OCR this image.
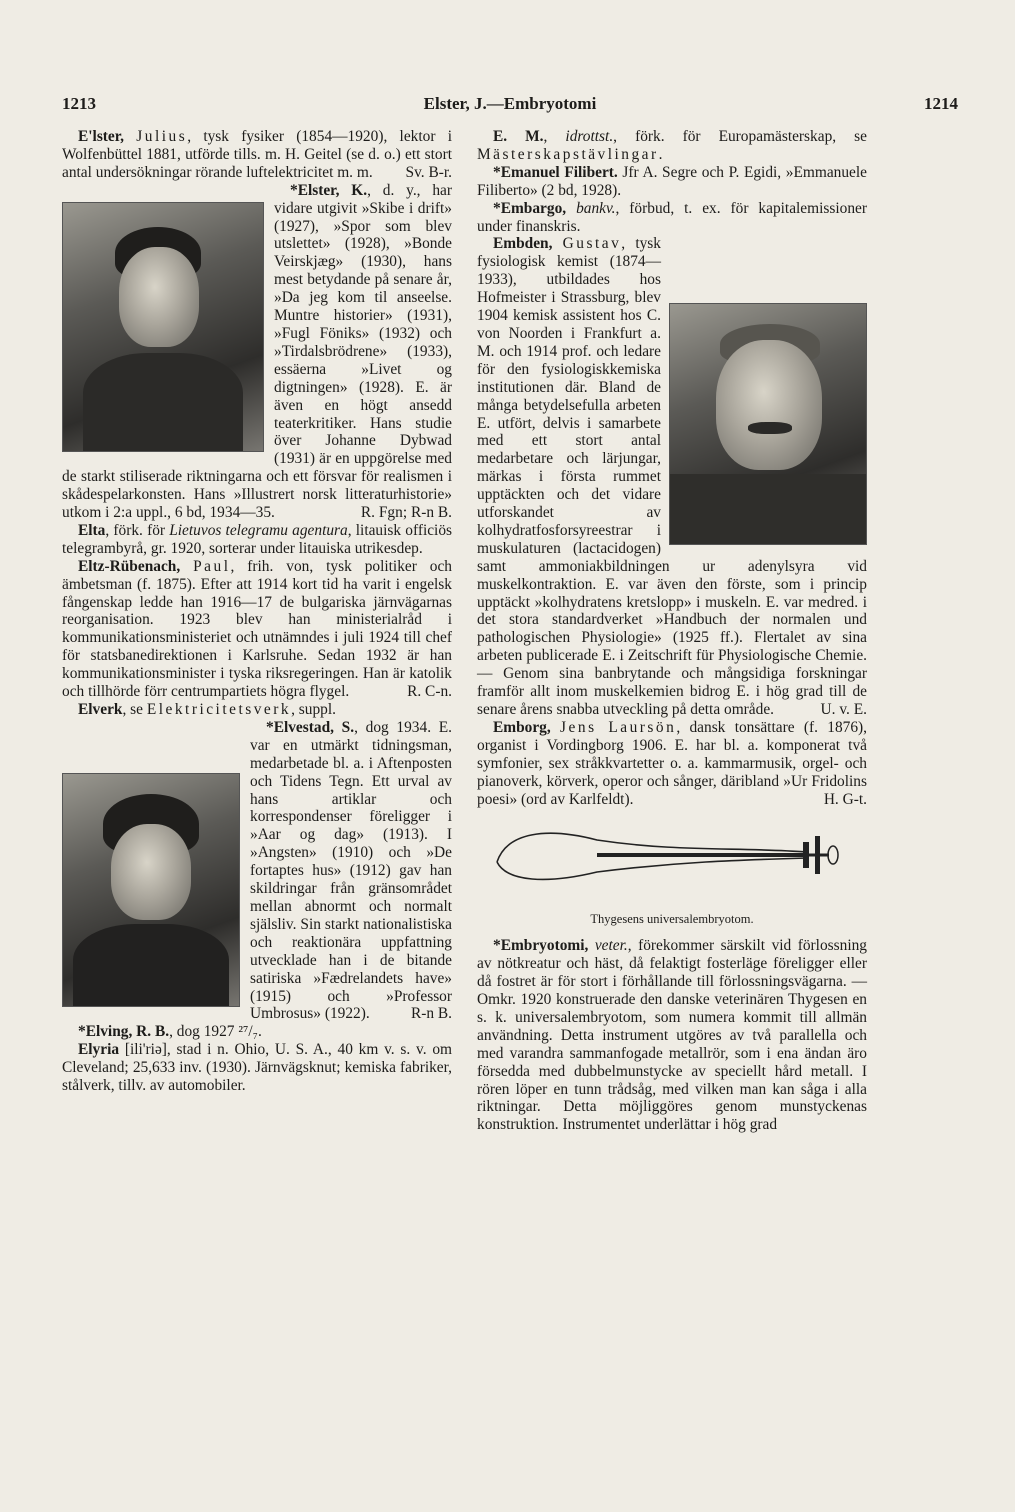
1213	Elster, J.—Embryotomi	1214

E'lster, Julius, tysk fysiker (1854—1920), lektor i Wolfenbüttel 1881, utförde tills. m. H. Geitel (se d. o.) ett stort antal undersökningar rörande luftelektricitet m. m.	Sv. B-r.

*Elster, K., d. y., har vidare utgivit »Skibe i drift» (1927), »Spor som blev utslettet» (1928), »Bonde Veirskjæg» (1930), hans mest betydande på senare år, »Da jeg kom til anseelse. Muntre historier» (1931), »Fugl Föniks» (1932) och »Tirdalsbrödrene» (1933), essäerna »Livet og digtningen» (1928). E. är även en högt ansedd teaterkritiker. Hans studie över Johanne Dybwad (1931) är en uppgörelse med de starkt stiliserade riktningarna och ett försvar för realismen i skådespelarkonsten. Hans »Illustrert norsk litteraturhistorie» utkom i 2:a uppl., 6 bd, 1934—35.	R. Fgn; R-n B.

Elta, förk. för Lietuvos telegramu agentura, litauisk officiös telegrambyrå, gr. 1920, sorterar under litauiska utrikesdep.

Eltz-Rübenach, Paul, frih. von, tysk politiker och ämbetsman (f. 1875). Efter att 1914 kort tid ha varit i engelsk fångenskap ledde han 1916—17 de bulgariska järnvägarnas reorganisation. 1923 blev han ministerialråd i kommunikationsministeriet och utnämndes i juli 1924 till chef för statsbanedirektionen i Karlsruhe. Sedan 1932 är han kommunikationsminister i tyska riksregeringen. Han är katolik och tillhörde förr centrumpartiets högra flygel.	R. C-n.

Elverk, se Elektricitetsverk, suppl.

*Elvestad, S., dog 1934. E. var en utmärkt tidningsman, medarbetade bl. a. i Aftenposten och Tidens Tegn. Ett urval av hans artiklar och korrespondenser föreligger i »Aar og dag» (1913). I »Angsten» (1910) och »De fortaptes hus» (1912) gav han skildringar från gränsområdet mellan abnormt och normalt själsliv. Sin starkt nationalistiska och reaktionära uppfattning utvecklade han i de bitande satiriska »Fædrelandets have» (1915) och »Professor Umbrosus» (1922).	R-n B.

*Elving, R. B., dog 1927 ²⁷/₇.

Elyria [ili'riə], stad i n. Ohio, U. S. A., 40 km v. s. v. om Cleveland; 25,633 inv. (1930). Järnvägsknut; kemiska fabriker, stålverk, tillv. av automobiler.

E. M., idrottst., förk. för Europamästerskap, se Mästerskapstävlingar.

*Emanuel Filibert. Jfr A. Segre och P. Egidi, »Emmanuele Filiberto» (2 bd, 1928).

*Embargo, bankv., förbud, t. ex. för kapitalemissioner under finanskris.

Embden, Gustav, tysk fysiologisk kemist (1874—1933), utbildades hos Hofmeister i Strassburg, blev 1904 kemisk assistent hos C. von Noorden i Frankfurt a. M. och 1914 prof. och ledare för den fysiologiskkemiska institutionen där. Bland de många betydelsefulla arbeten E. utfört, delvis i samarbete med ett stort antal medarbetare och lärjungar, märkas i första rummet upptäckten och det vidare utforskandet av kolhydratfosforsyreestrar i muskulaturen (lactacidogen) samt ammoniakbildningen ur adenylsyra vid muskelkontraktion. E. var även den förste, som i princip upptäckt »kolhydratens kretslopp» i muskeln. E. var medred. i det stora standardverket »Handbuch der normalen und pathologischen Physiologie» (1925 ff.). Flertalet av sina arbeten publicerade E. i Zeitschrift für Physiologische Chemie. — Genom sina banbrytande och mångsidiga forskningar framför allt inom muskelkemien bidrog E. i hög grad till de senare årens snabba utveckling på detta område.	U. v. E.

Emborg, Jens Laursön, dansk tonsättare (f. 1876), organist i Vordingborg 1906. E. har bl. a. komponerat två symfonier, sex stråkkvartetter o. a. kammarmusik, orgel- och pianoverk, körverk, operor och sånger, däribland »Ur Fridolins poesi» (ord av Karlfeldt).	H. G-t.

Thygesens universalembryotom.

*Embryotomi, veter., förekommer särskilt vid förlossning av nötkreatur och häst, då felaktigt fosterläge föreligger eller då fostret är för stort i förhållande till förlossningsvägarna. — Omkr. 1920 konstruerade den danske veterinären Thygesen en s. k. universalembryotom, som numera kommit till allmän användning. Detta instrument utgöres av två parallella och med varandra sammanfogade metallrör, som i ena ändan äro försedda med dubbelmunstycke av speciellt hård metall. I rören löper en tunn trådsåg, med vilken man kan såga i alla riktningar. Detta möjliggöres genom munstyckenas konstruktion. Instrumentet underlättar i hög grad
